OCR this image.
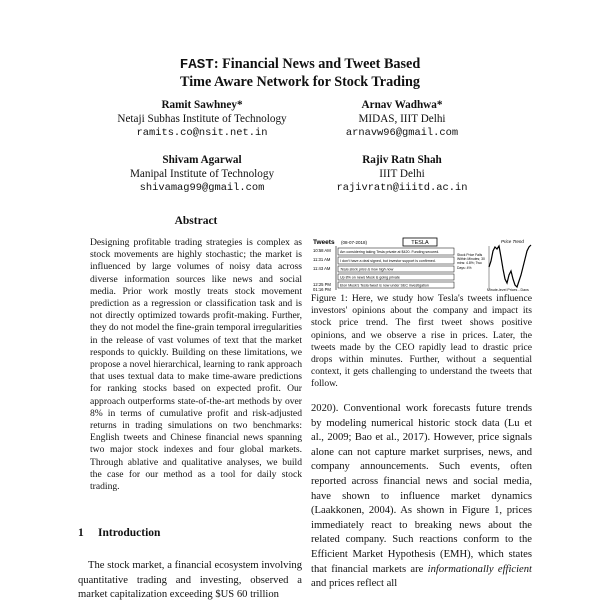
FAST: Financial News and Tweet Based
Time Aware Network for Stock Trading
Ramit Sawhney*
Netaji Subhas Institute of Technology
ramits.co@nsit.net.in
Arnav Wadhwa*
MIDAS, IIIT Delhi
arnavw96@gmail.com
Shivam Agarwal
Manipal Institute of Technology
shivamag99@gmail.com
Rajiv Ratn Shah
IIIT Delhi
rajivratn@iiitd.ac.in
Abstract
Designing profitable trading strategies is complex as stock movements are highly stochastic; the market is influenced by large volumes of noisy data across diverse information sources like news and social media. Prior work mostly treats stock movement prediction as a regression or classification task and is not directly optimized towards profit-making. Further, they do not model the fine-grain temporal irregularities in the release of vast volumes of text that the market responds to quickly. Building on these limitations, we propose a novel hierarchical, learning to rank approach that uses textual data to make time-aware predictions for ranking stocks based on expected profit. Our approach outperforms state-of-the-art methods by over 8% in terms of cumulative profit and risk-adjusted returns in trading simulations on two benchmarks: English tweets and Chinese financial news spanning two major stock indexes and four global markets. Through ablative and qualitative analyses, we build the case for our method as a tool for daily stock trading.
1 Introduction
The stock market, a financial ecosystem involving quantitative trading and investing, observed a market capitalization exceeding $US 60 trillion
Tweets (08-07-2018)	TESLA	Price Trend
10:58 AM	Am considering taking Tesla private at $420. Funding secured.
11:31 AM	I don't have a deal signed, but investor support is confirmed.
11:43 AM	Tesla stock price is how high now
Up 8% on news Musk is going private
12:25 PM	Elon Musk's Tesla tweet is now under SEC investigation
01:16 PM
Stock Price Falls Within Minutes; 30 mins: 4.8%; Two Days: 4%
Minute-level Prices - Days
Figure 1: Here, we study how Tesla's tweets influence investors' opinions about the company and impact its stock price trend. The first tweet shows positive opinions, and we observe a rise in prices. Later, the tweets made by the CEO rapidly lead to drastic price drops within minutes. Further, without a sequential context, it gets challenging to understand the tweets that follow.
2020). Conventional work forecasts future trends by modeling numerical historic stock data (Lu et al., 2009; Bao et al., 2017). However, price signals alone can not capture market surprises, news, and company announcements. Such events, often reported across financial news and social media, have shown to influence market dynamics (Laakkonen, 2004). As shown in Figure 1, prices immediately react to breaking news about the related company. Such reactions conform to the Efficient Market Hypothesis (EMH), which states that financial markets are informationally efficient and prices reflect all
